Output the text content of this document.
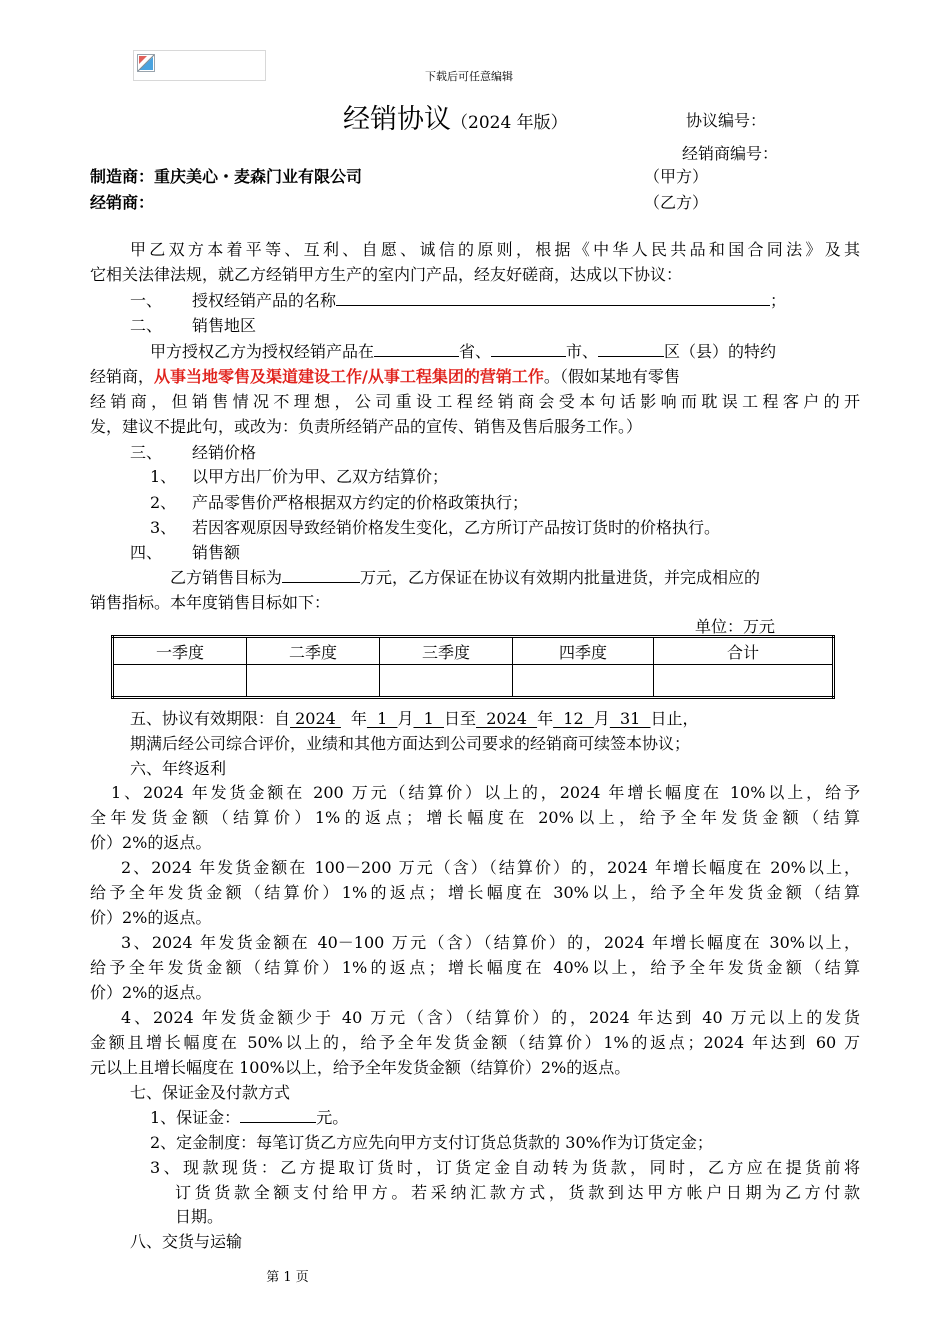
下载后可任意编辑
经销协议（2024 年版）	协议编号：
经销商编号：
制造商：重庆美心・麦森门业有限公司	（甲方）
经销商：	（乙方）
甲乙双方本着平等、互利、自愿、诚信的原则，根据《中华人民共品和国合同法》及其
它相关法律法规，就乙方经销甲方生产的室内门产品，经友好磋商，达成以下协议：
一、 授权经销产品的名称	；
二、 销售地区
甲方授权乙方为授权经销产品在	省、	市、	区（县）的特约
经销商，从事当地零售及渠道建设工作/从事工程集团的营销工作。（假如某地有零售
经销商，但销售情况不理想，公司重设工程经销商会受本句话影响而耽误工程客户的开
发，建议不提此句，或改为：负责所经销产品的宣传、销售及售后服务工作。）
三、 经销价格
1、 以甲方出厂价为甲、乙双方结算价；
2、 产品零售价严格根据双方约定的价格政策执行；
3、 若因客观原因导致经销价格发生变化，乙方所订产品按订货时的价格执行。
四、 销售额
乙方销售目标为	万元，乙方保证在协议有效期内批量进货，并完成相应的
销售指标。本年度销售目标如下：
单位：万元
一季度	二季度	三季度	四季度	合计

五、协议有效期限：自 2024 年  1  月  1  日至  2024  年  12  月  31  日止，
期满后经公司综合评价，业绩和其他方面达到公司要求的经销商可续签本协议；
六、年终返利
1、2024 年发货金额在 200 万元（结算价）以上的，2024 年增长幅度在 10%以上，给予
全年发货金额（结算价）1%的返点；增长幅度在 20%以上，给予全年发货金额（结算
价）2%的返点。
2、2024 年发货金额在 100－200 万元（含）（结算价）的，2024 年增长幅度在 20%以上，
给予全年发货金额（结算价）1%的返点；增长幅度在 30%以上，给予全年发货金额（结算
价）2%的返点。
3、2024 年发货金额在 40－100 万元（含）（结算价）的，2024 年增长幅度在 30%以上，
给予全年发货金额（结算价）1%的返点；增长幅度在 40%以上，给予全年发货金额（结算
价）2%的返点。
4、2024 年发货金额少于 40 万元（含）（结算价）的，2024 年达到 40 万元以上的发货
金额且增长幅度在 50%以上的，给予全年发货金额（结算价）1%的返点；2024 年达到 60 万
元以上且增长幅度在 100%以上，给予全年发货金额（结算价）2%的返点。
七、保证金及付款方式
1、保证金：	元。
2、定金制度：每笔订货乙方应先向甲方支付订货总货款的 30%作为订货定金；
3、现款现货：乙方提取订货时，订货定金自动转为货款，同时，乙方应在提货前将
订货货款全额支付给甲方。若采纳汇款方式，货款到达甲方帐户日期为乙方付款
日期。
八、交货与运输
第 1 页
